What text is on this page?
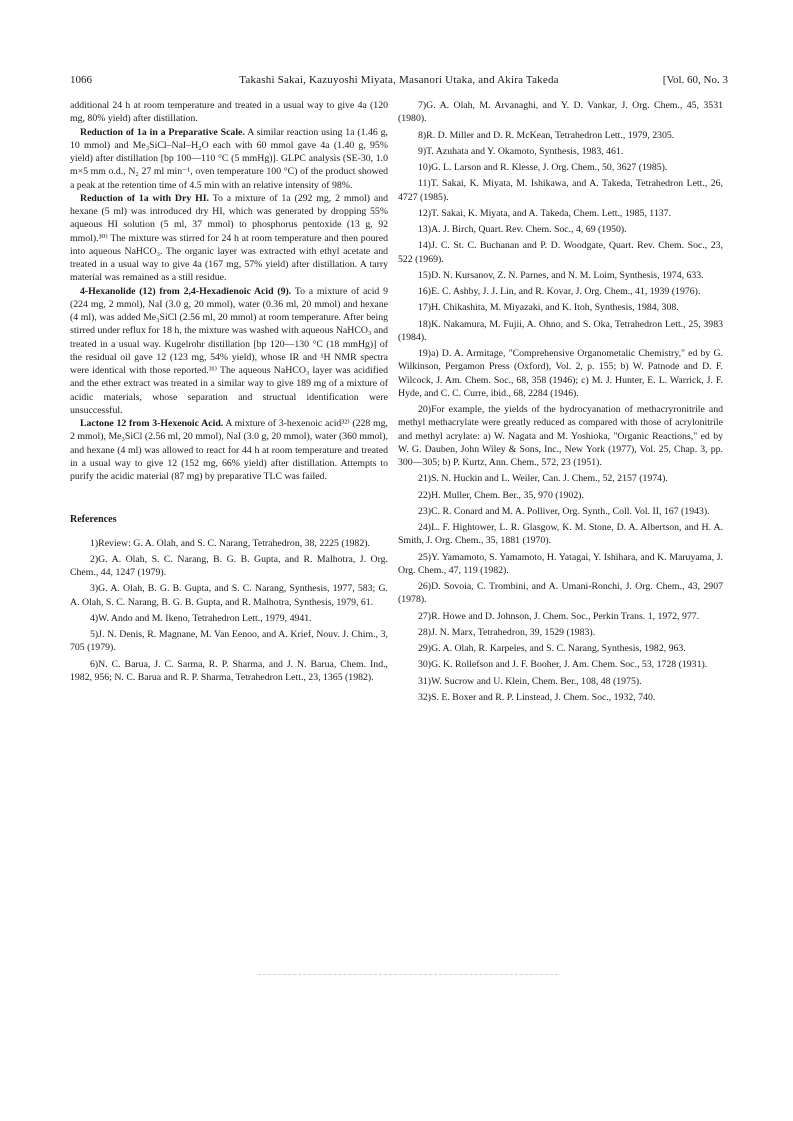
1066	Takashi Sakai, Kazuyoshi Miyata, Masanori Utaka, and Akira Takeda	[Vol. 60, No. 3

additional 24 h at room temperature and treated in a usual way to give 4a (120 mg, 80% yield) after distillation.

Reduction of 1a in a Preparative Scale. A similar reaction using 1a (1.46 g, 10 mmol) and Me₃SiCl–NaI–H₂O each with 60 mmol gave 4a (1.40 g, 95% yield) after distillation [bp 100—110 °C (5 mmHg)]. GLPC analysis (SE-30, 1.0 m×5 mm o.d., N₂ 27 ml min⁻¹, oven temperature 100 °C) of the product showed a peak at the retention time of 4.5 min with an relative intensity of 98%.

Reduction of 1a with Dry HI. To a mixture of 1a (292 mg, 2 mmol) and hexane (5 ml) was introduced dry HI, which was generated by dropping 55% aqueous HI solution (5 ml, 37 mmol) to phosphorus pentoxide (13 g, 92 mmol).³⁰⁾ The mixture was stirred for 24 h at room temperature and then poured into aqueous NaHCO₃. The organic layer was extracted with ethyl acetate and treated in a usual way to give 4a (167 mg, 57% yield) after distillation. A tarry material was remained as a still residue.

4-Hexanolide (12) from 2,4-Hexadienoic Acid (9). To a mixture of acid 9 (224 mg, 2 mmol), NaI (3.0 g, 20 mmol), water (0.36 ml, 20 mmol) and hexane (4 ml), was added Me₃SiCl (2.56 ml, 20 mmol) at room temperature. After being stirred under reflux for 18 h, the mixture was washed with aqueous NaHCO₃ and treated in a usual way. Kugelrohr distillation [bp 120—130 °C (18 mmHg)] of the residual oil gave 12 (123 mg, 54% yield), whose IR and ¹H NMR spectra were identical with those reported.³¹⁾ The aqueous NaHCO₃ layer was acidified and the ether extract was treated in a similar way to give 189 mg of a mixture of acidic materials, whose separation and structual identification were unsuccessful.

Lactone 12 from 3-Hexenoic Acid. A mixture of 3-hexenoic acid³²⁾ (228 mg, 2 mmol), Me₃SiCl (2.56 ml, 20 mmol), NaI (3.0 g, 20 mmol), water (360 mmol), and hexane (4 ml) was allowed to react for 44 h at room temperature and treated in a usual way to give 12 (152 mg, 66% yield) after distillation. Attempts to purify the acidic material (87 mg) by preparative TLC was failed.

References

1)Review: G. A. Olah, and S. C. Narang, Tetrahedron, 38, 2225 (1982).

2)G. A. Olah, S. C. Narang, B. G. B. Gupta, and R. Malhotra, J. Org. Chem., 44, 1247 (1979).

3)G. A. Olah, B. G. B. Gupta, and S. C. Narang, Synthesis, 1977, 583; G. A. Olah, S. C. Narang, B. G. B. Gupta, and R. Malhotra, Synthesis, 1979, 61.

4)W. Ando and M. Ikeno, Tetrahedron Lett., 1979, 4941.

5)J. N. Denis, R. Magnane, M. Van Eenoo, and A. Krief, Nouv. J. Chim., 3, 705 (1979).

6)N. C. Barua, J. C. Sarma, R. P. Sharma, and J. N. Barua, Chem. Ind., 1982, 956; N. C. Barua and R. P. Sharma, Tetrahedron Lett., 23, 1365 (1982).

7)G. A. Olah, M. Arvanaghi, and Y. D. Vankar, J. Org. Chem., 45, 3531 (1980).

8)R. D. Miller and D. R. McKean, Tetrahedron Lett., 1979, 2305.

9)T. Azuhata and Y. Okamoto, Synthesis, 1983, 461.

10)G. L. Larson and R. Klesse, J. Org. Chem., 50, 3627 (1985).

11)T. Sakai, K. Miyata, M. Ishikawa, and A. Takeda, Tetrahedron Lett., 26, 4727 (1985).

12)T. Sakai, K. Miyata, and A. Takeda, Chem. Lett., 1985, 1137.

13)A. J. Birch, Quart. Rev. Chem. Soc., 4, 69 (1950).

14)J. C. St. C. Buchanan and P. D. Woodgate, Quart. Rev. Chem. Soc., 23, 522 (1969).

15)D. N. Kursanov, Z. N. Parnes, and N. M. Loim, Synthesis, 1974, 633.

16)E. C. Ashby, J. J. Lin, and R. Kovar, J. Org. Chem., 41, 1939 (1976).

17)H. Chikashita, M. Miyazaki, and K. Itoh, Synthesis, 1984, 308.

18)K. Nakamura, M. Fujii, A. Ohno, and S. Oka, Tetrahedron Lett., 25, 3983 (1984).

19)a) D. A. Armitage, "Comprehensive Organometalic Chemistry," ed by G. Wilkinson, Pergamon Press (Oxford), Vol. 2, p. 155; b) W. Patnode and D. F. Wilcock, J. Am. Chem. Soc., 68, 358 (1946); c) M. J. Hunter, E. L. Warrick, J. F. Hyde, and C. C. Curre, ibid., 68, 2284 (1946).

20)For example, the yields of the hydrocyanation of methacryronitrile and methyl methacrylate were greatly reduced as compared with those of acrylonitrile and methyl acrylate: a) W. Nagata and M. Yoshioka, "Organic Reactions," ed by W. G. Dauben, John Wiley & Sons, Inc., New York (1977), Vol. 25, Chap. 3, pp. 300—305; b) P. Kurtz, Ann. Chem., 572, 23 (1951).

21)S. N. Huckin and L. Weiler, Can. J. Chem., 52, 2157 (1974).

22)H. Muller, Chem. Ber., 35, 970 (1902).

23)C. R. Conard and M. A. Polliver, Org. Synth., Coll. Vol. II, 167 (1943).

24)L. F. Hightower, L. R. Glasgow, K. M. Stone, D. A. Albertson, and H. A. Smith, J. Org. Chem., 35, 1881 (1970).

25)Y. Yamamoto, S. Yamamoto, H. Yatagai, Y. Ishihara, and K. Maruyama, J. Org. Chem., 47, 119 (1982).

26)D. Sovoia, C. Trombini, and A. Umani-Ronchi, J. Org. Chem., 43, 2907 (1978).

27)R. Howe and D. Johnson, J. Chem. Soc., Perkin Trans. 1, 1972, 977.

28)J. N. Marx, Tetrahedron, 39, 1529 (1983).

29)G. A. Olah, R. Karpeles, and S. C. Narang, Synthesis, 1982, 963.

30)G. K. Rollefson and J. F. Booher, J. Am. Chem. Soc., 53, 1728 (1931).

31)W. Sucrow and U. Klein, Chem. Ber., 108, 48 (1975).

32)S. E. Boxer and R. P. Linstead, J. Chem. Soc., 1932, 740.
